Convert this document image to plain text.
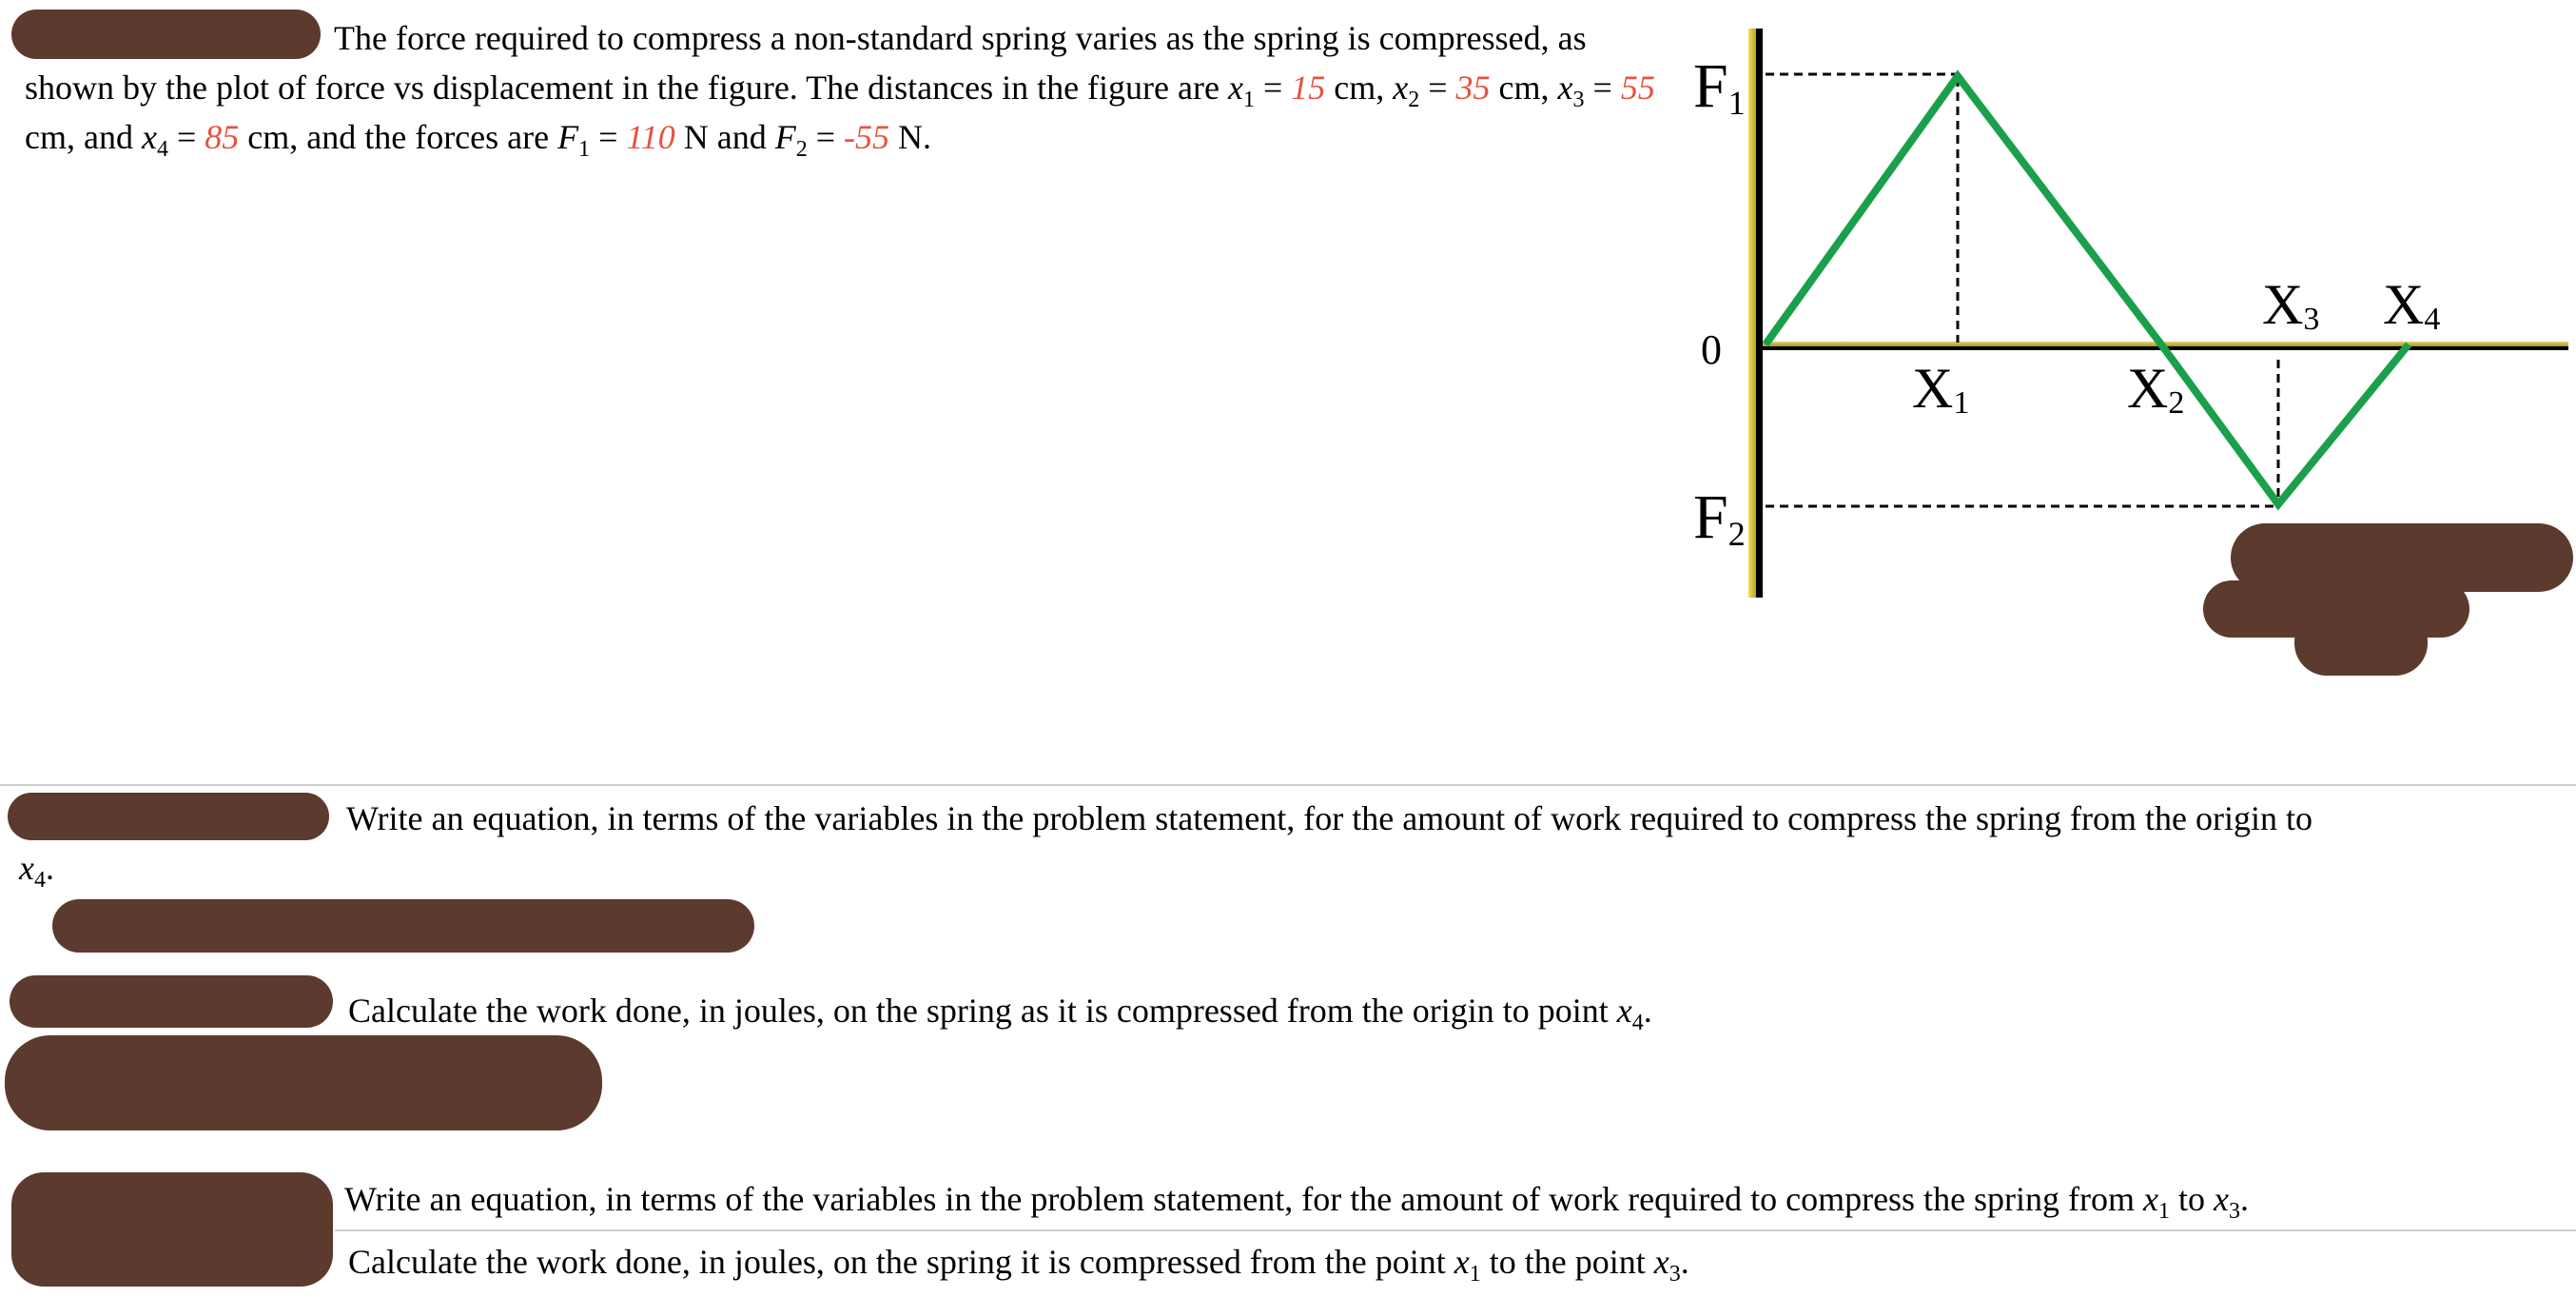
The force required to compress a non-standard spring varies as the spring is compressed, as shown by the plot of force vs displacement in the figure. The distances in the figure are $x_1 = 15$ cm, $x_2 = 35$ cm, $x_3 = 55$ cm, and $x_4 = 85$ cm, and the forces are $F_1 = 110$ N and $F_2 = -55$ N.
F1
0
F2
X1	X2
X3 X4
Write an equation, in terms of the variables in the problem statement, for the amount of work required to compress the spring from the origin to
$x_4$.
Calculate the work done, in joules, on the spring as it is compressed from the origin to point $x_4$.
Write an equation, in terms of the variables in the problem statement, for the amount of work required to compress the spring from $x_1$ to $x_3$.
Calculate the work done, in joules, on the spring it is compressed from the point $x_1$ to the point $x_3$.
